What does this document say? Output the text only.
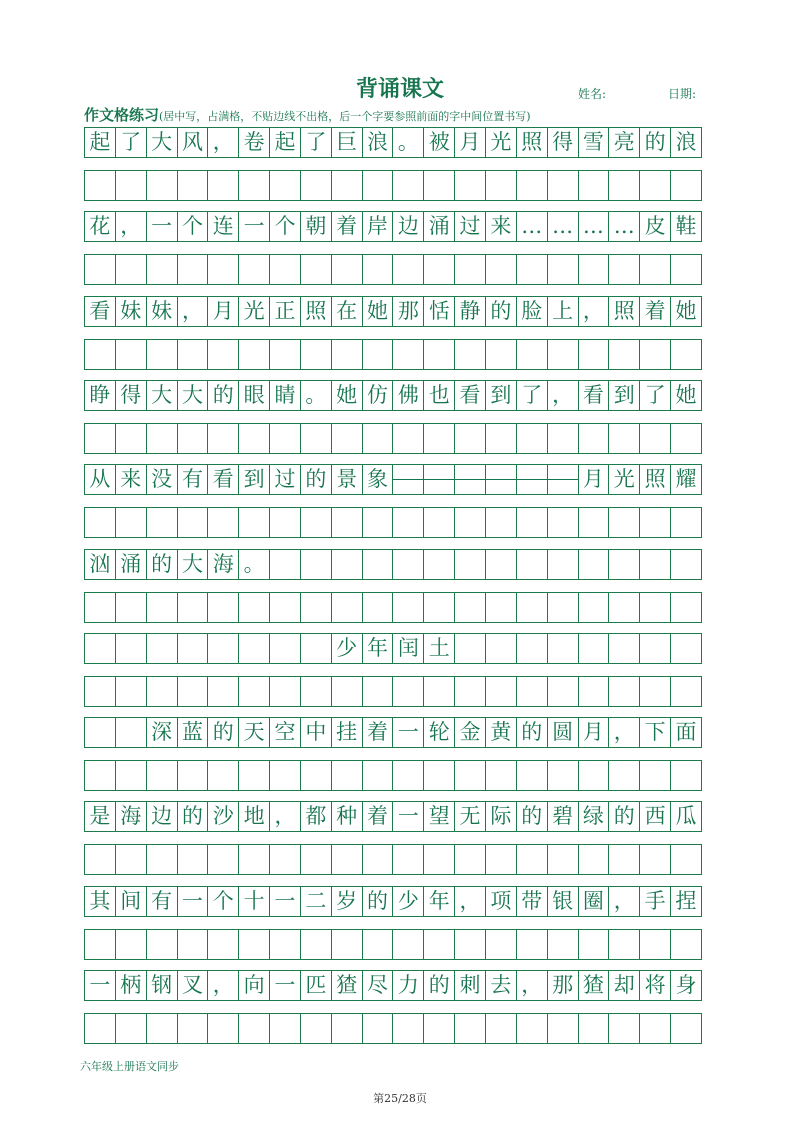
背诵课文	姓名:	日期:
作文格练习(居中写，占满格，不贴边线不出格，后一个字要参照前面的字中间位置书写)
起 了 大 风 ， 卷 起 了 巨 浪 。 被 月 光 照 得 雪 亮 的 浪
花 ， 一 个 连 一 个 朝 着 岸 边 涌 过 来 … … … … 皮 鞋
看 妹 妹 ， 月 光 正 照 在 她 那 恬 静 的 脸 上 ， 照 着 她
睁 得 大 大 的 眼 睛 。 她 仿 佛 也 看 到 了 ， 看 到 了 她
从 来 没 有 看 到 过 的 景 象	月 光 照 耀
汹 涌 的 大 海 。
少 年 闰 土
深 蓝 的 天 空 中 挂 着 一 轮 金 黄 的 圆 月 ， 下 面
是 海 边 的 沙 地 ， 都 种 着 一 望 无 际 的 碧 绿 的 西 瓜
其 间 有 一 个 十 一 二 岁 的 少 年 ， 项 带 银 圈 ， 手 捏
一 柄 钢 叉 ， 向 一 匹 猹 尽 力 的 刺 去 ， 那 猹 却 将 身
六年级上册语文同步
第25/28页
